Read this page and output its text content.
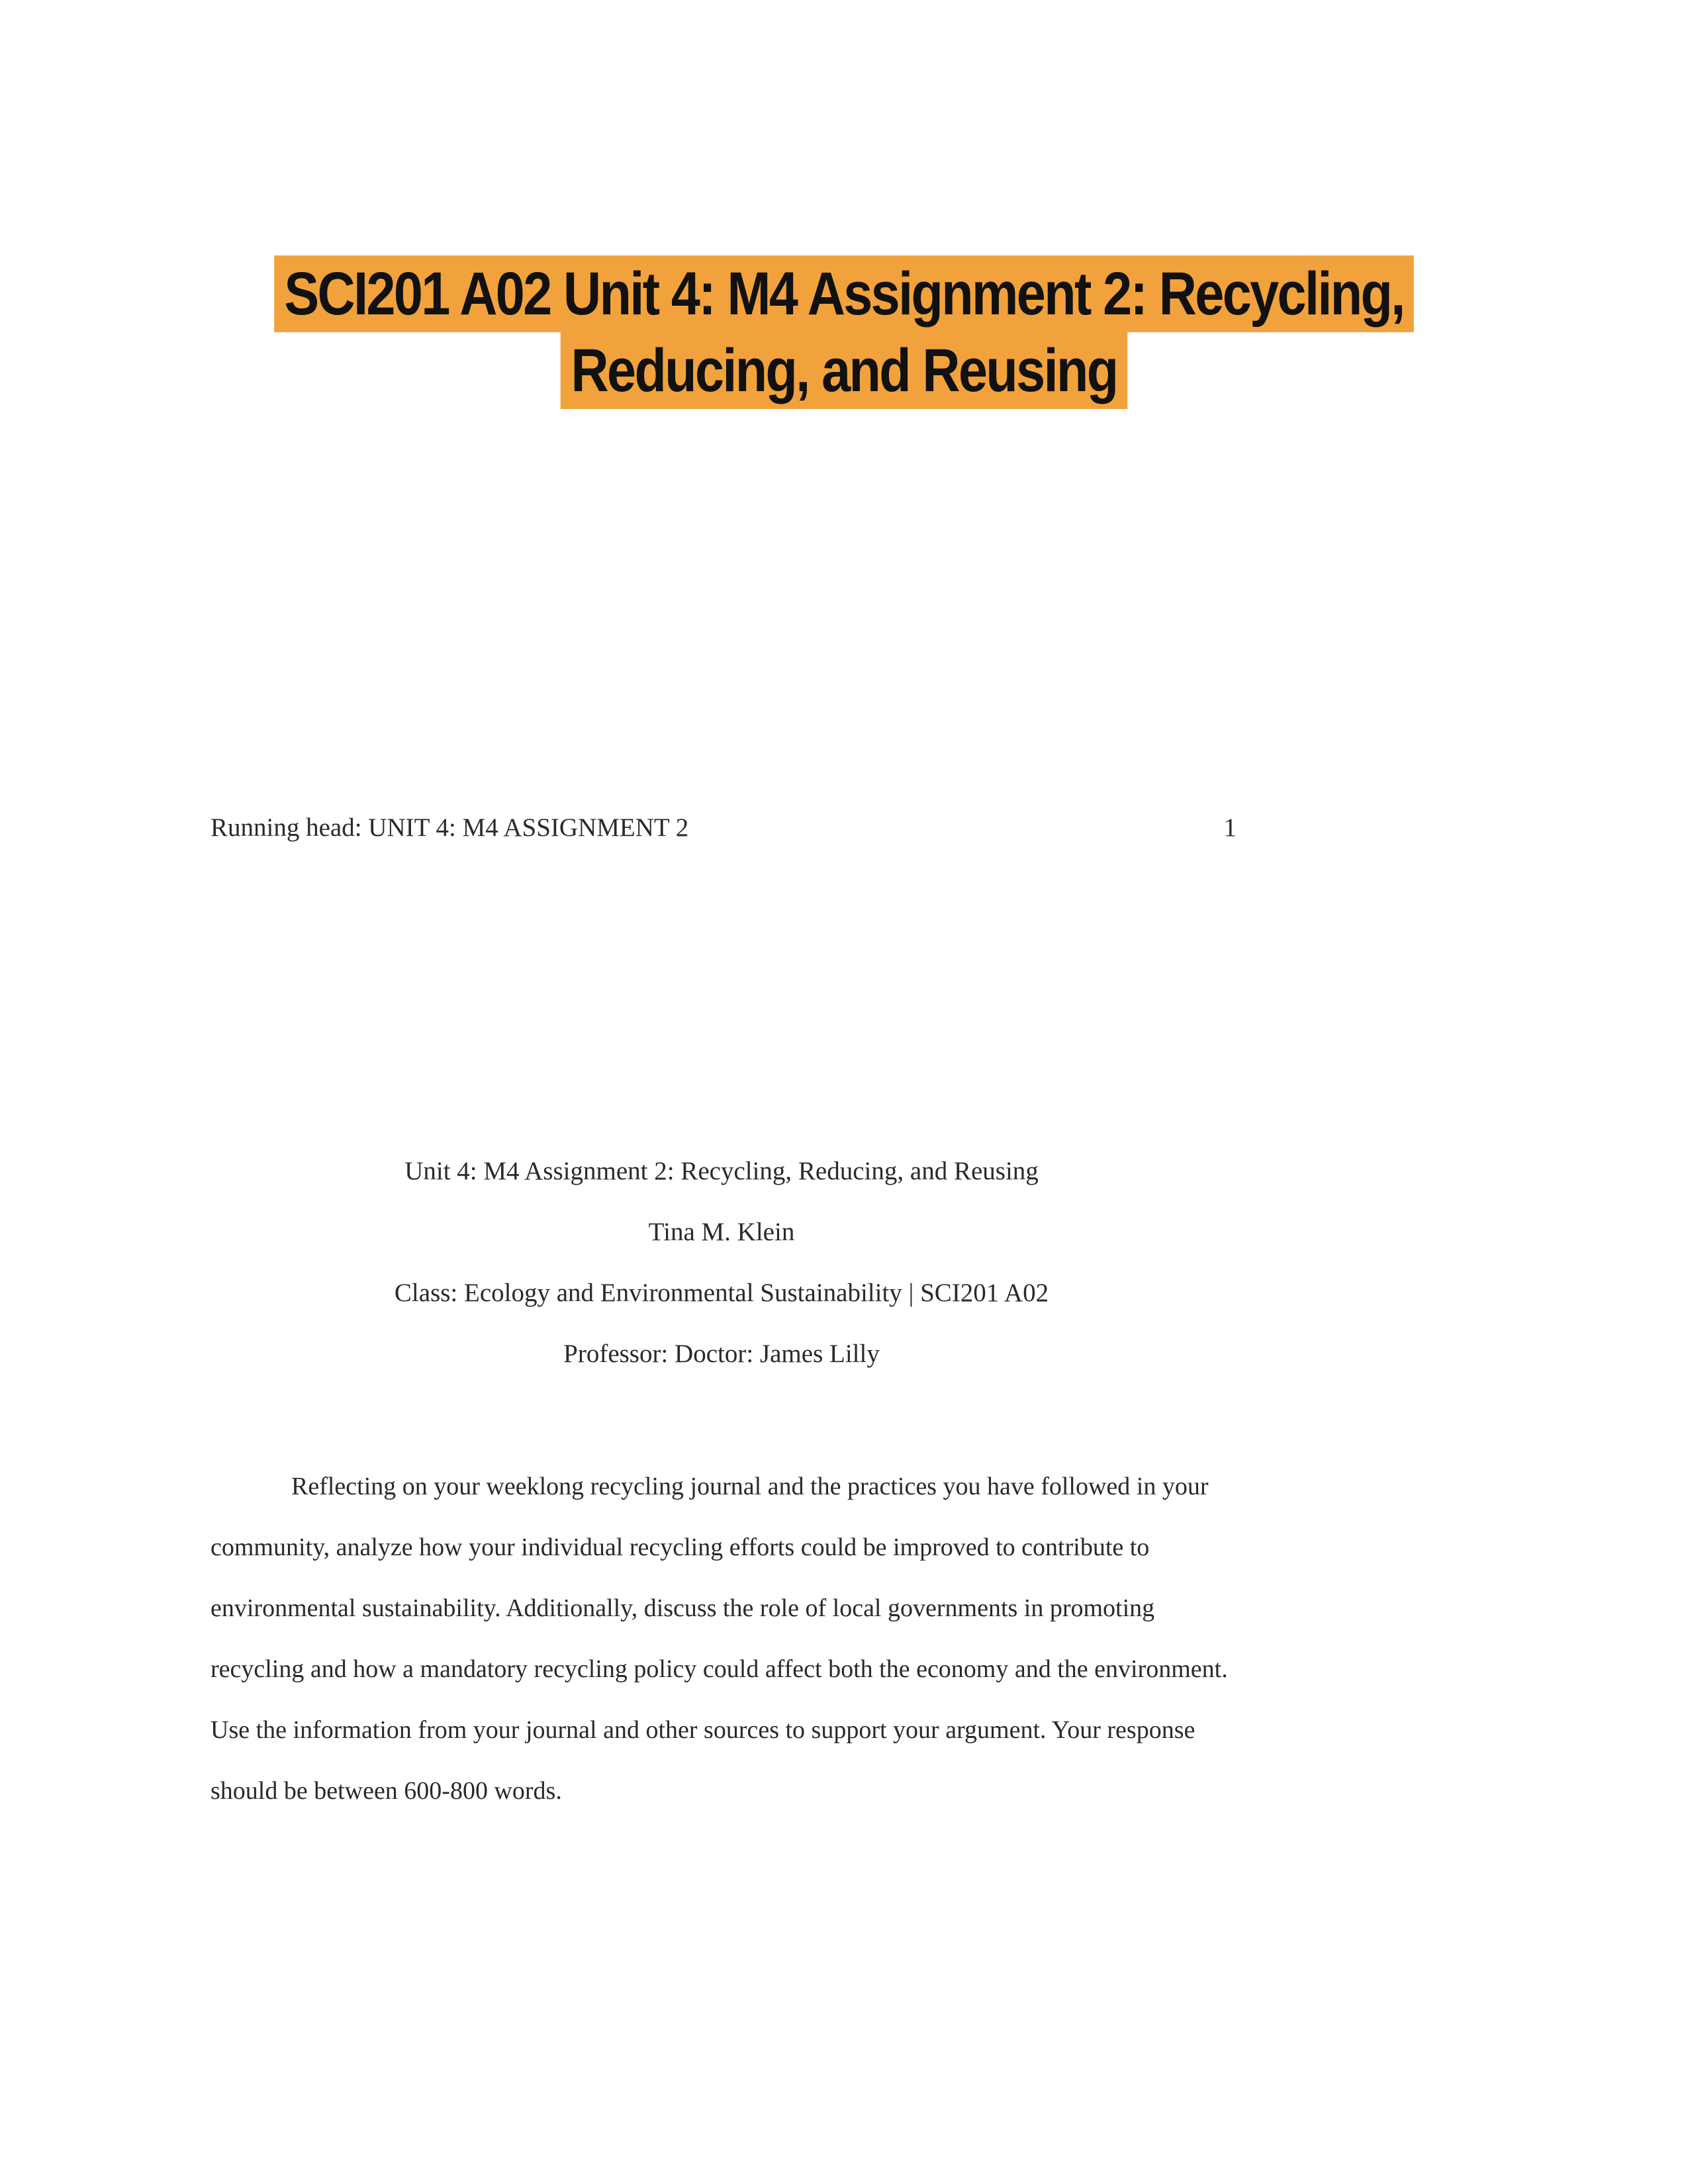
SCI201 A02 Unit 4: M4 Assignment 2: Recycling,
Reducing, and Reusing
Running head: UNIT 4: M4 ASSIGNMENT 2	1
Unit 4: M4 Assignment 2: Recycling, Reducing, and Reusing
Tina M. Klein
Class: Ecology and Environmental Sustainability | SCI201 A02
Professor: Doctor: James Lilly

Reflecting on your weeklong recycling journal and the practices you have followed in your community, analyze how your individual recycling efforts could be improved to contribute to environmental sustainability. Additionally, discuss the role of local governments in promoting recycling and how a mandatory recycling policy could affect both the economy and the environment. Use the information from your journal and other sources to support your argument. Your response should be between 600-800 words.
